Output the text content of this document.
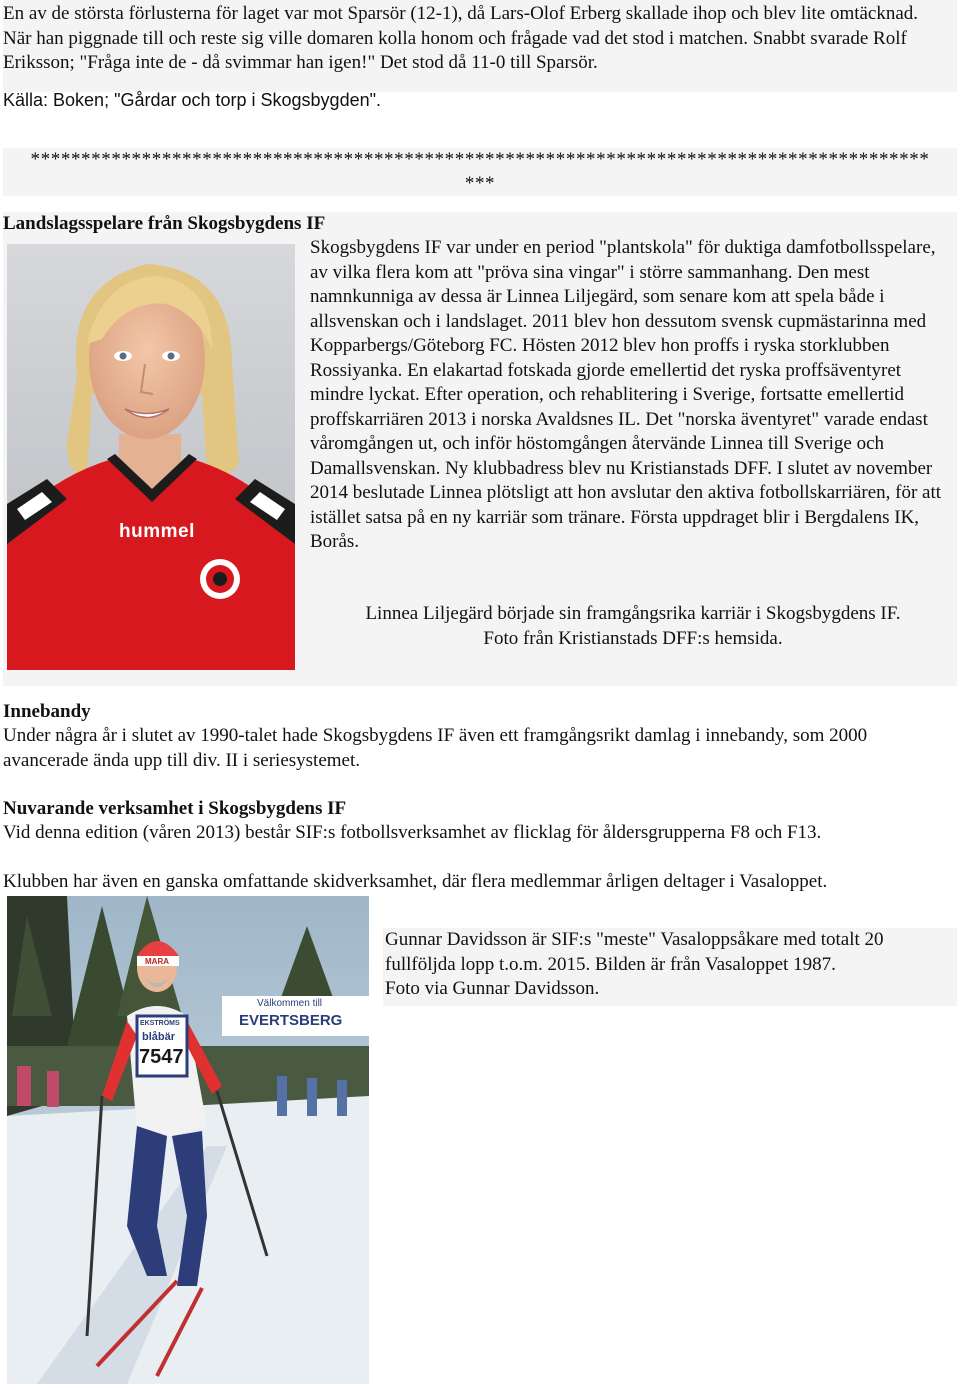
En av de största förlusterna för laget var mot Sparsör (12-1), då Lars-Olof Erberg skallade ihop och blev lite omtäcknad. När han piggnade till och reste sig ville domaren kolla honom och frågade vad det stod i matchen. Snabbt svarade Rolf Eriksson; "Fråga inte de - då svimmar han igen!" Det stod då 11-0 till Sparsör.

Källa: Boken; "Gårdar och torp i Skogsbygden".
*****************************************************************************************
***
Landslagsspelare från Skogsbygdens IF

Skogsbygdens IF var under en period "plantskola" för duktiga damfotbollsspelare, av vilka flera kom att "pröva sina vingar" i större sammanhang. Den mest namnkunniga av dessa är Linnea Liljegärd, som senare kom att spela både i allsvenskan och i landslaget. 2011 blev hon dessutom svensk cupmästarinna med Kopparbergs/Göteborg FC. Hösten 2012 blev hon proffs i ryska storklubben Rossiyanka. En elakartad fotskada gjorde emellertid det ryska proffsäventyret mindre lyckat. Efter operation, och rehablitering i Sverige, fortsatte emellertid proffskarriären 2013 i norska Avaldsnes IL. Det "norska äventyret" varade endast våromgången ut, och inför höstomgången återvände Linnea till Sverige och Damallsvenskan. Ny klubbadress blev nu Kristianstads DFF. I slutet av november 2014 beslutade Linnea plötsligt att hon avslutar den aktiva fotbollskarriären, för att istället satsa på en ny karriär som tränare. Första uppdraget blir i Bergdalens IK, Borås.

Linnea Liljegärd började sin framgångsrika karriär i Skogsbygdens IF.
Foto från Kristianstads DFF:s hemsida.
hummel
Innebandy

Under några år i slutet av 1990-talet hade Skogsbygdens IF även ett framgångsrikt damlag i innebandy, som 2000 avancerade ända upp till div. II i seriesystemet.

Nuvarande verksamhet i Skogsbygdens IF

Vid denna edition (våren 2013) består SIF:s fotbollsverksamhet av flicklag för åldersgrupperna F8 och F13.

Klubben har även en ganska omfattande skidverksamhet, där flera medlemmar årligen deltager i Vasaloppet.

Gunnar Davidsson är SIF:s "meste" Vasaloppsåkare med totalt 20
fullföljda lopp t.o.m. 2015. Bilden är från Vasaloppet 1987.
Foto via Gunnar Davidsson.
Välkommen till
EVERTSBERG
EKSTRÖMS
blåbär
7547
MARA
